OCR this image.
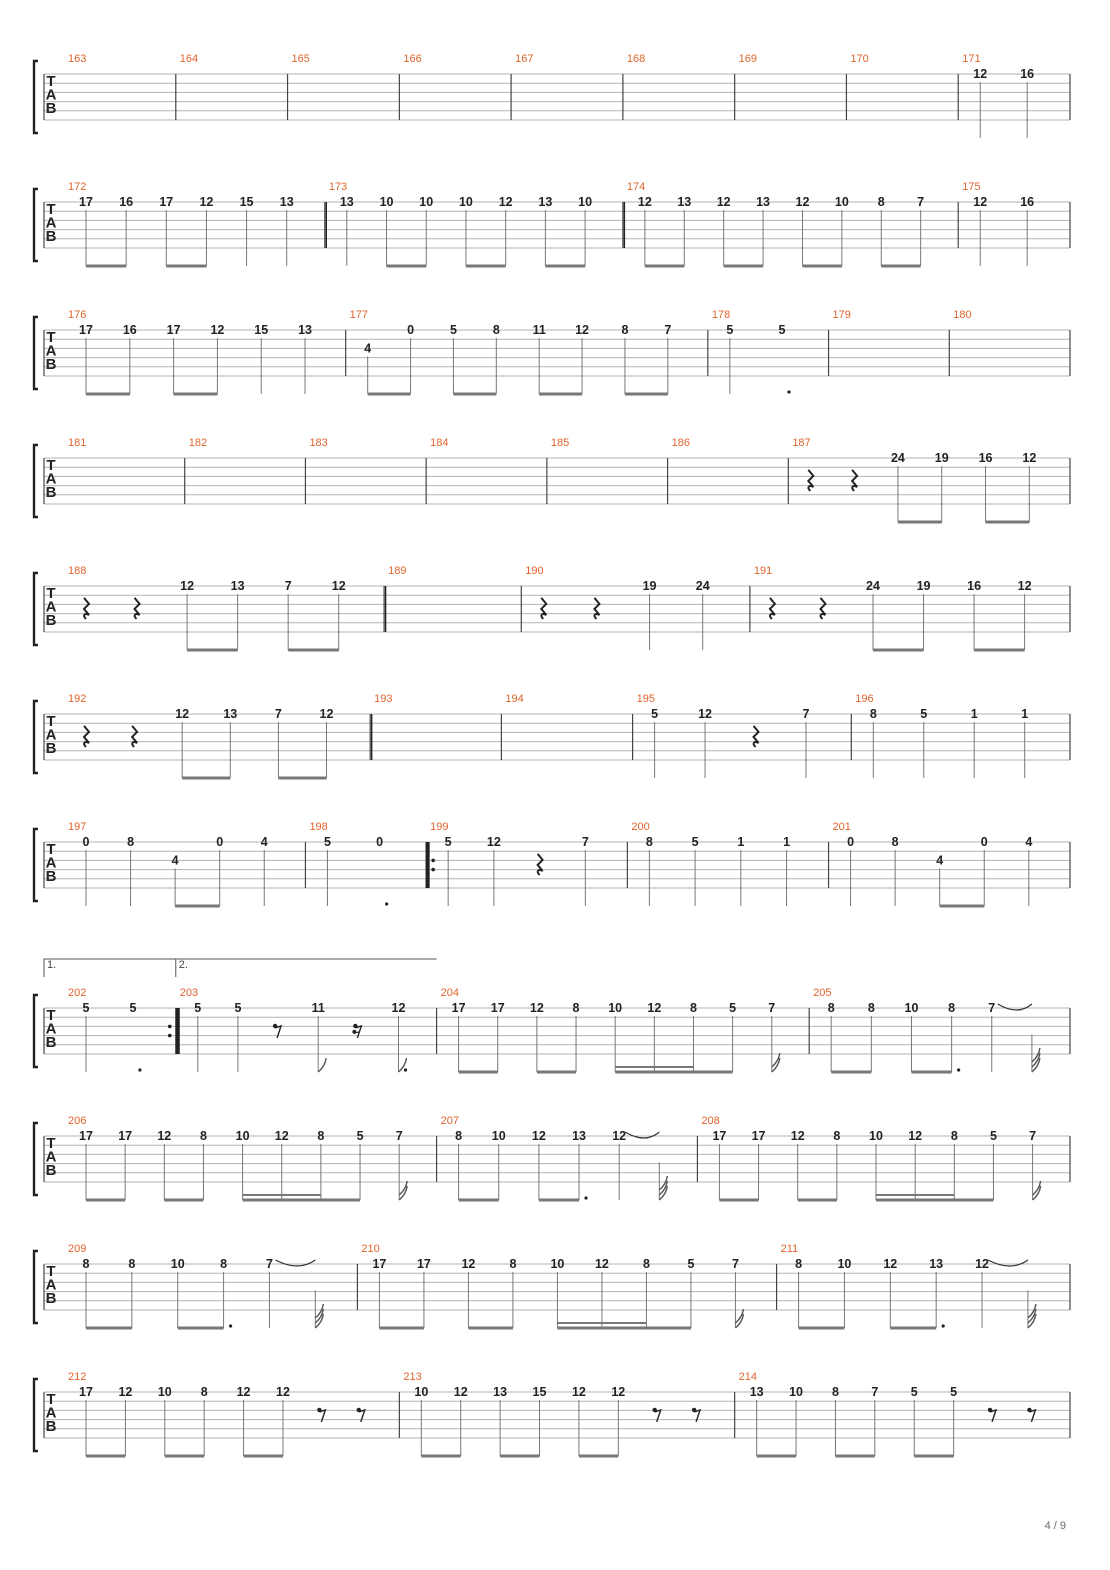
T
A
B
163	164	165	166	167	168	169	170	171
12	16
T
A
B
172
17 16 17 12 15 13
173
13 10 10 10 12 13 10
174
12 13 12 13 12 10 8	7
175
12	16
T
A
B
176
17 16 17 12 15 13
177
4
0	5	8	11 12	8	7
178
5	5
179	180
T
A
B
181	182	183	184	185	186	187
24 19 16 12
T
A
B
188
12	13	7	12
189	190
19	24
191
24	19	16	12
T
A
B
192
12	13	7	12
193	194	195
5	12	7
196
8	5	1	1
T
A
B
197
0	8
4
0	4
198
5	0
199
5	12	7
200
8	5	1	1
201
0	8
4
0	4
T
A
B
202
5	5
203
5	5	11	12
204
17 17 12 8 10 12 8	5	7
205
8	8 10 8	7
1.	2.
T
A
B
206
17 17 12 8 10 12 8	5	7
207
8 10 12 13 12
208
17 17 12 8 10 12 8	5	7
T
A
B
209
8	8	10	8	7
210
17 17 12	8	10 12	8	5	7
211
8	10	12	13	12
T
A
B
212
17 12 10 8 12 12
213
10 12 13 15 12 12
214
13 10 8	7	5	5
4 / 9
